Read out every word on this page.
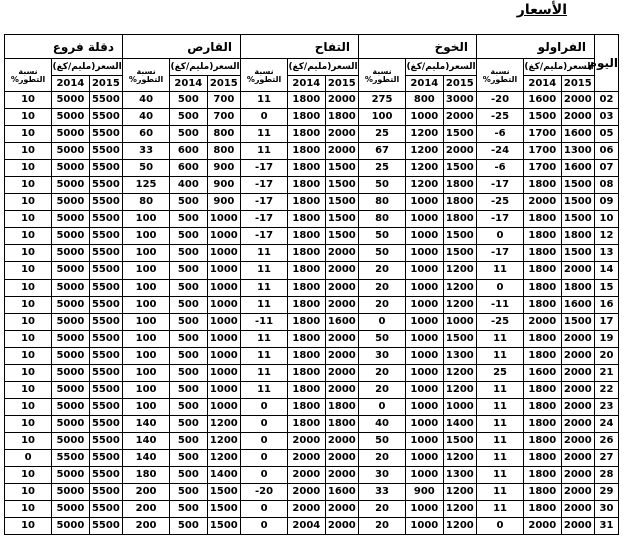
الأسعار
اليوم	الفراولو			الخوخ			التفاح			القارص			دقلة فروع		
	السعر(مليم/كغ)		نسبة	السعر(مليم/كغ)		نسبة	السعر(مليم/كغ)		نسبة	السعر(مليم/كغ)		نسبة	السعر(مليم/كغ)		نسبة
	2015	2014	التطور%	2015	2014	التطور%	2015	2014	التطور%	2015	2014	التطور%	2015	2014	التطور%
02	2000	1600	20-	3000	800	275	2000	1800	11	700	500	40	5500	5000	10
03	2000	1500	25-	2000	1000	100	1800	1800	0	700	500	40	5500	5000	10
05	1600	1700	6-	1500	1200	25	2000	1800	11	800	500	60	5500	5000	10
06	1300	1700	24-	2000	1200	67	2000	1800	11	800	600	33	5500	5000	10
07	1600	1700	6-	1500	1200	25	1500	1800	17-	900	600	50	5500	5000	10
08	1500	1800	17-	1800	1200	50	1500	1800	17-	900	400	125	5500	5000	10
09	1500	2000	25-	1800	1000	80	1500	1800	17-	900	500	80	5500	5000	10
10	1500	1800	17-	1800	1000	80	1500	1800	17-	1000	500	100	5500	5000	10
12	1800	1800	0	1500	1000	50	1500	1800	17-	1000	500	100	5500	5000	10
13	1500	1800	17-	1500	1000	50	2000	1800	11	1000	500	100	5500	5000	10
14	2000	1800	11	1200	1000	20	2000	1800	11	1000	500	100	5500	5000	10
15	1800	1800	0	1200	1000	20	2000	1800	11	1000	500	100	5500	5000	10
16	1600	1800	11-	1200	1000	20	2000	1800	11	1000	500	100	5500	5000	10
17	1500	2000	25-	1000	1000	0	1600	1800	11-	1000	500	100	5500	5000	10
19	2000	1800	11	1500	1000	50	2000	1800	11	1000	500	100	5500	5000	10
20	2000	1800	11	1300	1000	30	2000	1800	11	1000	500	100	5500	5000	10
21	2000	1600	25	1200	1000	20	2000	1800	11	1000	500	100	5500	5000	10
22	2000	1800	11	1200	1000	20	2000	1800	11	1000	500	100	5500	5000	10
23	2000	1800	11	1000	1000	0	1800	1800	0	1000	500	100	5500	5000	10
24	2000	1800	11	1400	1000	40	1800	1800	0	1200	500	140	5500	5000	10
26	2000	1800	11	1500	1000	50	2000	2000	0	1200	500	140	5500	5000	10
27	2000	1800	11	1200	1000	20	2000	2000	0	1200	500	140	5500	5500	0
28	2000	1800	11	1300	1000	30	2000	2000	0	1400	500	180	5500	5000	10
29	2000	1800	11	1200	900	33	1600	2000	20-	1500	500	200	5500	5000	10
30	2000	1800	11	1200	1000	20	2000	2000	0	1500	500	200	5500	5000	10
31	2000	2000	0	1200	1000	20	2000	2004	0	1500	500	200	5500	5000	10
